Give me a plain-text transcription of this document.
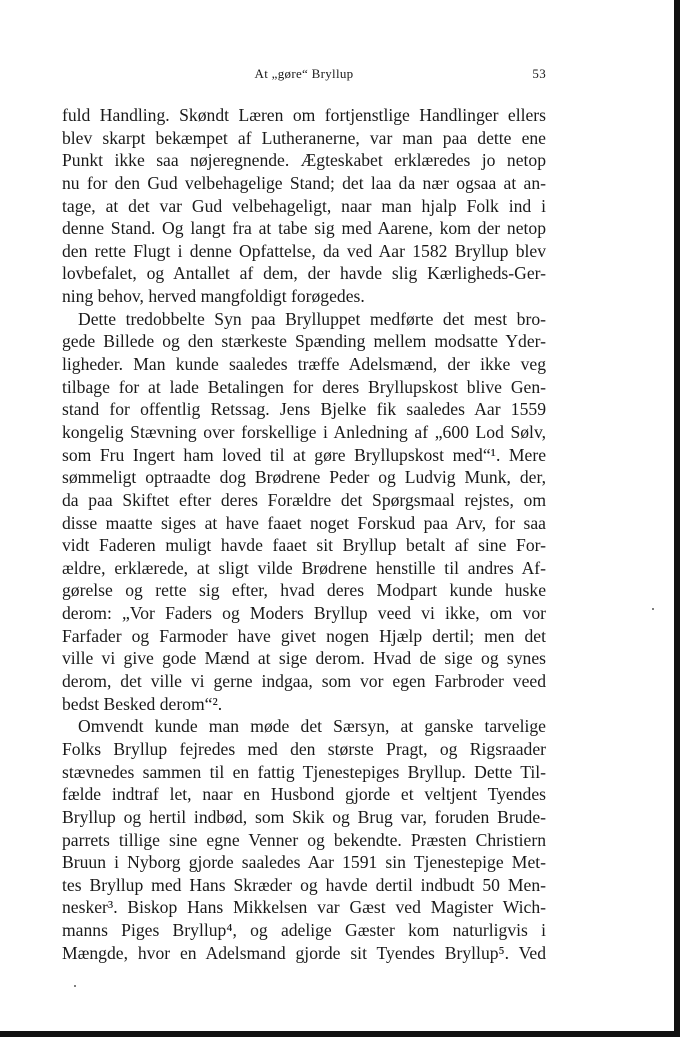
At „gøre“ Bryllup	53
fuld Handling. Skøndt Læren om fortjenstlige Handlinger ellers
blev skarpt bekæmpet af Lutheranerne, var man paa dette ene
Punkt ikke saa nøjeregnende. Ægteskabet erklæredes jo netop
nu for den Gud velbehagelige Stand; det laa da nær ogsaa at an-
tage, at det var Gud velbehageligt, naar man hjalp Folk ind i
denne Stand. Og langt fra at tabe sig med Aarene, kom der netop
den rette Flugt i denne Opfattelse, da ved Aar 1582 Bryllup blev
lovbefalet, og Antallet af dem, der havde slig Kærligheds-Ger-
ning behov, herved mangfoldigt forøgedes.
Dette tredobbelte Syn paa Brylluppet medførte det mest bro-
gede Billede og den stærkeste Spænding mellem modsatte Yder-
ligheder. Man kunde saaledes træffe Adelsmænd, der ikke veg
tilbage for at lade Betalingen for deres Bryllupskost blive Gen-
stand for offentlig Retssag. Jens Bjelke fik saaledes Aar 1559
kongelig Stævning over forskellige i Anledning af „600 Lod Sølv,
som Fru Ingert ham loved til at gøre Bryllupskost med“¹. Mere
sømmeligt optraadte dog Brødrene Peder og Ludvig Munk, der,
da paa Skiftet efter deres Forældre det Spørgsmaal rejstes, om
disse maatte siges at have faaet noget Forskud paa Arv, for saa
vidt Faderen muligt havde faaet sit Bryllup betalt af sine For-
ældre, erklærede, at sligt vilde Brødrene henstille til andres Af-
gørelse og rette sig efter, hvad deres Modpart kunde huske
derom: „Vor Faders og Moders Bryllup veed vi ikke, om vor
Farfader og Farmoder have givet nogen Hjælp dertil; men det
ville vi give gode Mænd at sige derom. Hvad de sige og synes
derom, det ville vi gerne indgaa, som vor egen Farbroder veed
bedst Besked derom“².
Omvendt kunde man møde det Særsyn, at ganske tarvelige
Folks Bryllup fejredes med den største Pragt, og Rigsraader
stævnedes sammen til en fattig Tjenestepiges Bryllup. Dette Til-
fælde indtraf let, naar en Husbond gjorde et veltjent Tyendes
Bryllup og hertil indbød, som Skik og Brug var, foruden Brude-
parrets tillige sine egne Venner og bekendte. Præsten Christiern
Bruun i Nyborg gjorde saaledes Aar 1591 sin Tjenestepige Met-
tes Bryllup med Hans Skræder og havde dertil indbudt 50 Men-
nesker³. Biskop Hans Mikkelsen var Gæst ved Magister Wich-
manns Piges Bryllup⁴, og adelige Gæster kom naturligvis i
Mængde, hvor en Adelsmand gjorde sit Tyendes Bryllup⁵. Ved
